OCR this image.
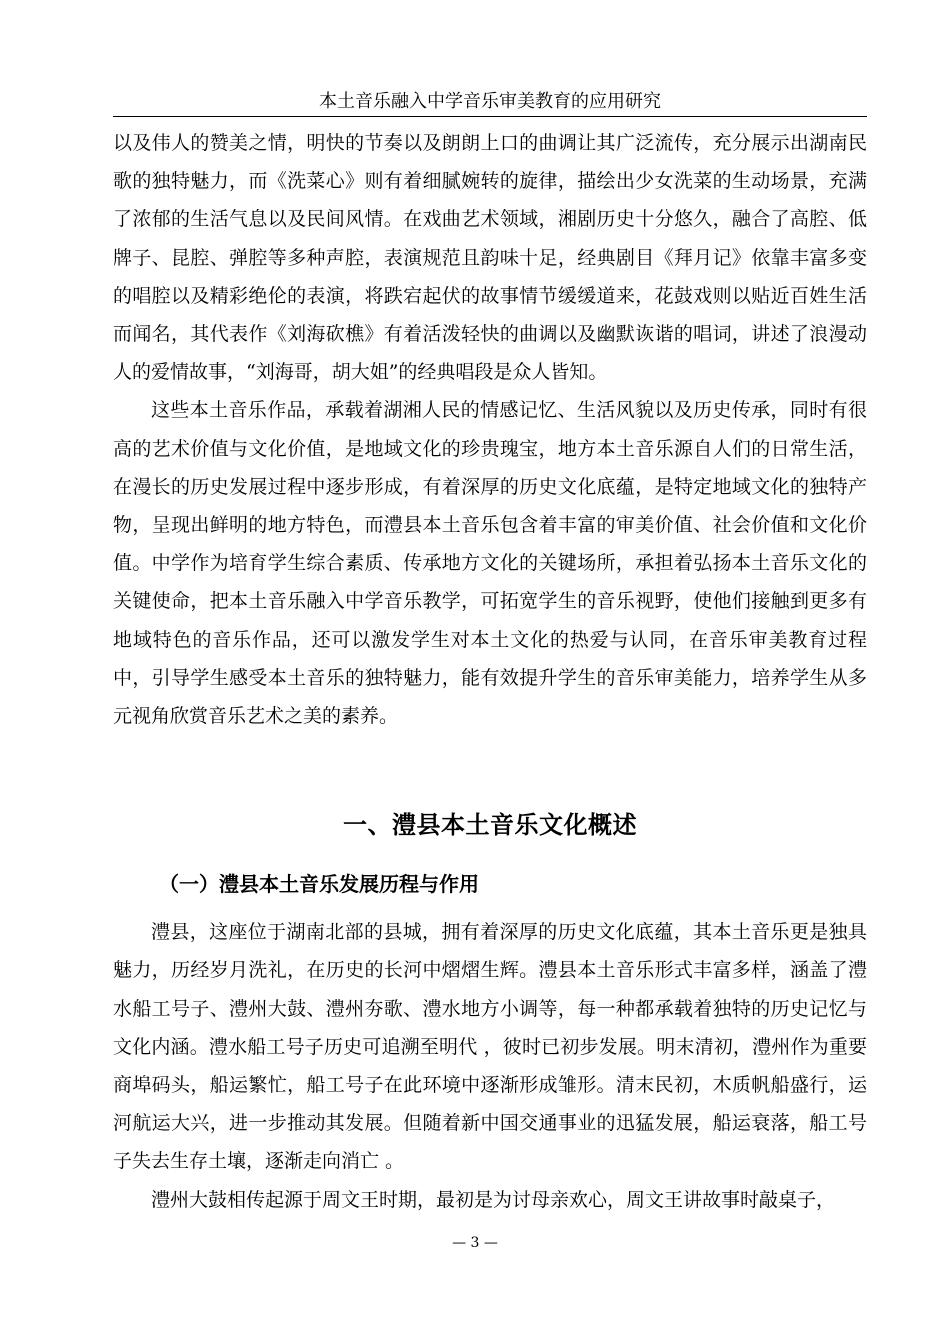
本土音乐融入中学音乐审美教育的应用研究

以及伟人的赞美之情，明快的节奏以及朗朗上口的曲调让其广泛流传，充分展示出湖南民歌的独特魅力，而《洗菜心》则有着细腻婉转的旋律，描绘出少女洗菜的生动场景，充满了浓郁的生活气息以及民间风情。在戏曲艺术领域，湘剧历史十分悠久，融合了高腔、低牌子、昆腔、弹腔等多种声腔，表演规范且韵味十足，经典剧目《拜月记》依靠丰富多变的唱腔以及精彩绝伦的表演，将跌宕起伏的故事情节缓缓道来，花鼓戏则以贴近百姓生活而闻名，其代表作《刘海砍樵》有着活泼轻快的曲调以及幽默诙谐的唱词，讲述了浪漫动人的爱情故事，“刘海哥，胡大姐”的经典唱段是众人皆知。

这些本土音乐作品，承载着湖湘人民的情感记忆、生活风貌以及历史传承，同时有很高的艺术价值与文化价值，是地域文化的珍贵瑰宝，地方本土音乐源自人们的日常生活，在漫长的历史发展过程中逐步形成，有着深厚的历史文化底蕴，是特定地域文化的独特产物，呈现出鲜明的地方特色，而澧县本土音乐包含着丰富的审美价值、社会价值和文化价值。中学作为培育学生综合素质、传承地方文化的关键场所，承担着弘扬本土音乐文化的关键使命，把本土音乐融入中学音乐教学，可拓宽学生的音乐视野，使他们接触到更多有地域特色的音乐作品，还可以激发学生对本土文化的热爱与认同，在音乐审美教育过程中，引导学生感受本土音乐的独特魅力，能有效提升学生的音乐审美能力，培养学生从多元视角欣赏音乐艺术之美的素养。

一、澧县本土音乐文化概述
（一）澧县本土音乐发展历程与作用

澧县，这座位于湖南北部的县城，拥有着深厚的历史文化底蕴，其本土音乐更是独具魅力，历经岁月洗礼，在历史的长河中熠熠生辉。澧县本土音乐形式丰富多样，涵盖了澧水船工号子、澧州大鼓、澧州夯歌、澧水地方小调等，每一种都承载着独特的历史记忆与文化内涵。澧水船工号子历史可追溯至明代 ，彼时已初步发展。明末清初，澧州作为重要商埠码头，船运繁忙，船工号子在此环境中逐渐形成雏形。清末民初，木质帆船盛行，运河航运大兴，进一步推动其发展。但随着新中国交通事业的迅猛发展，船运衰落，船工号子失去生存土壤，逐渐走向消亡 。

澧州大鼓相传起源于周文王时期，最初是为讨母亲欢心，周文王讲故事时敲桌子，

— 3 —
